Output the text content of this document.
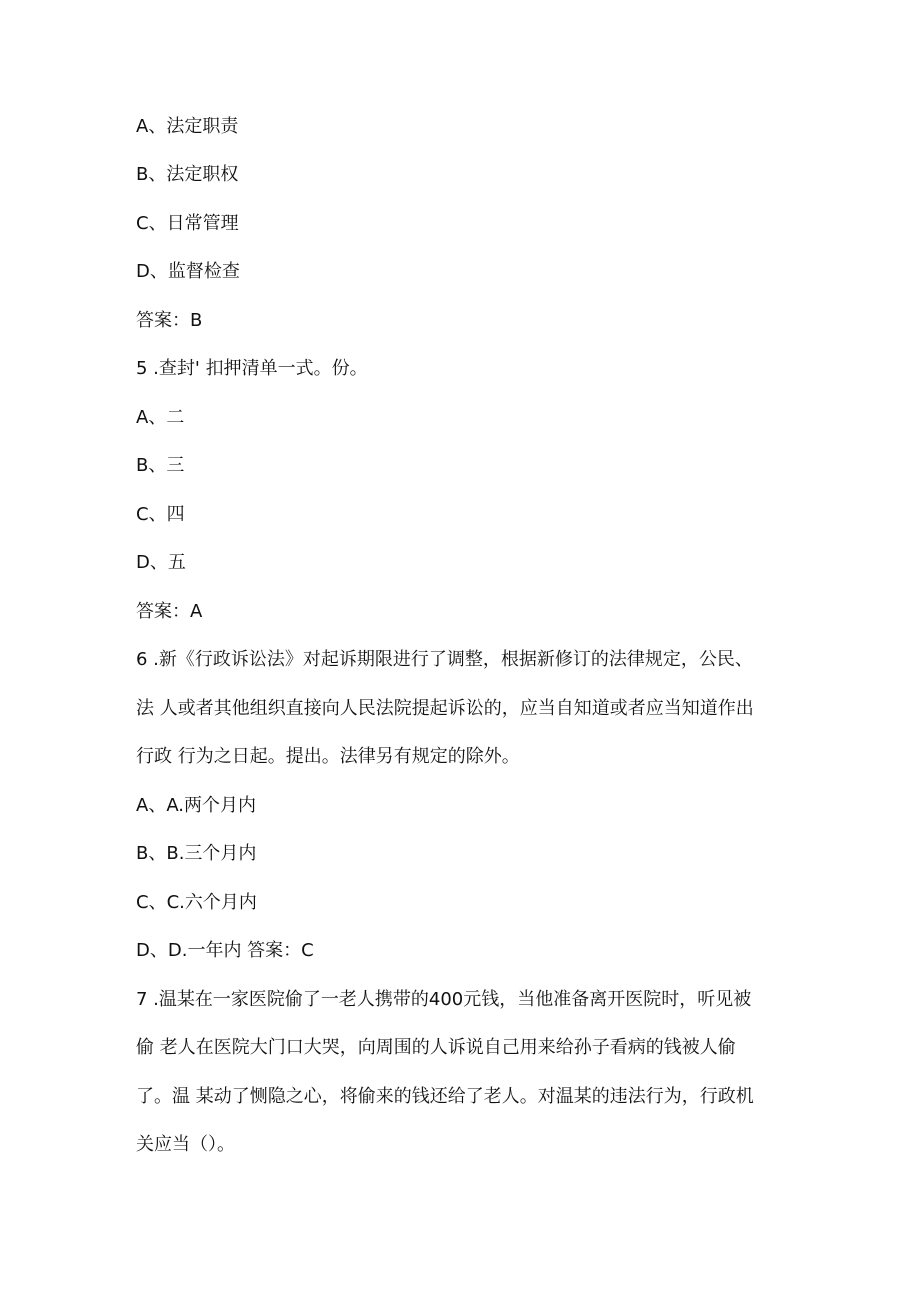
A、法定职责
B、法定职权
C、日常管理
D、监督检查
答案：B
5 .查封' 扣押清单一式。份。
A、二
B、三
C、四
D、五
答案：A
6 .新《行政诉讼法》对起诉期限进行了调整，根据新修订的法律规定，公民、
法 人或者其他组织直接向人民法院提起诉讼的，应当自知道或者应当知道作出
行政 行为之日起。提出。法律另有规定的除外。
A、A.两个月内
B、B.三个月内
C、C.六个月内
D、D.一年内 答案：C
7 .温某在一家医院偷了一老人携带的400元钱，当他准备离开医院时，听见被
偷 老人在医院大门口大哭，向周围的人诉说自己用来给孙子看病的钱被人偷
了。温 某动了恻隐之心，将偷来的钱还给了老人。对温某的违法行为，行政机
关应当（）。
